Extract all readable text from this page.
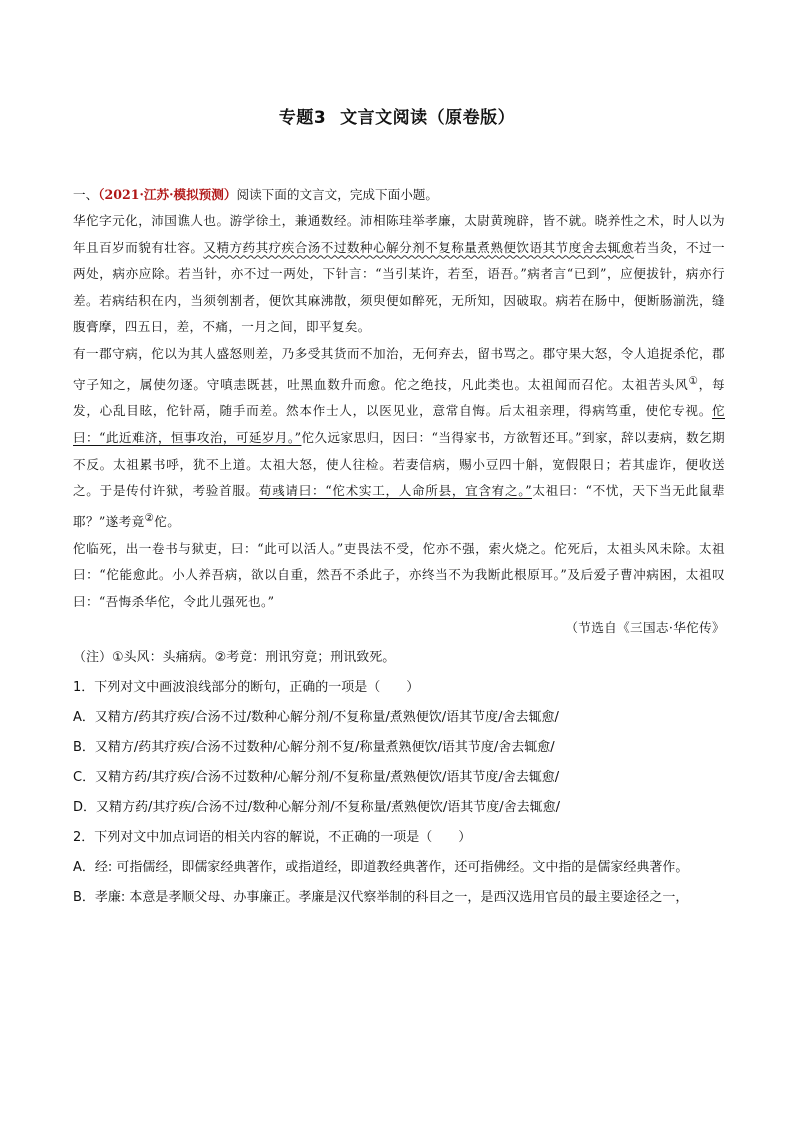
专题3 文言文阅读（原卷版）
一、（2021·江苏·模拟预测）阅读下面的文言文，完成下面小题。

华佗字元化，沛国谯人也。游学徐土，兼通数经。沛相陈珪举孝廉，太尉黄琬辟，皆不就。晓养性之术，时人以为年且百岁而貌有壮容。又精方药其疗疾合汤不过数种心解分剂不复称量煮熟便饮语其节度舍去辄愈若当灸，不过一两处，病亦应除。若当针，亦不过一两处，下针言：“当引某许，若至，语吾。”病者言“已到”，应便拔针，病亦行差。若病结积在内，当须刳割者，便饮其麻沸散，须臾便如醉死，无所知，因破取。病若在肠中，便断肠湔洗，缝腹膏摩，四五日，差，不痛，一月之间，即平复矣。

有一郡守病，佗以为其人盛怒则差，乃多受其货而不加治，无何弃去，留书骂之。郡守果大怒，令人追捉杀佗，郡守子知之，属使勿逐。守嗔恚既甚，吐黑血数升而愈。佗之绝技，凡此类也。太祖闻而召佗。太祖苦头风①，每发，心乱目眩，佗针鬲，随手而差。然本作士人，以医见业，意常自悔。后太祖亲理，得病笃重，使佗专视。佗曰：“此近难济，恒事攻治，可延岁月。”佗久远家思归，因曰：“当得家书，方欲暂还耳。”到家，辞以妻病，数乞期不反。太祖累书呼，犹不上道。太祖大怒，使人往检。若妻信病，赐小豆四十斛，宽假限日；若其虚诈，便收送之。于是传付许狱，考验首服。荀彧请曰：“佗术实工，人命所县，宜含宥之。”太祖曰：“不忧，天下当无此鼠辈耶？”遂考竟②佗。

佗临死，出一卷书与狱吏，曰：“此可以活人。”吏畏法不受，佗亦不强，索火烧之。佗死后，太祖头风未除。太祖曰：“佗能愈此。小人养吾病，欲以自重，然吾不杀此子，亦终当不为我断此根原耳。”及后爱子曹冲病困，太祖叹曰：“吾悔杀华佗，令此儿强死也。”

（节选自《三国志·华佗传》

（注）①头风：头痛病。②考竟：刑讯穷竟；刑讯致死。

1．下列对文中画波浪线部分的断句，正确的一项是（　　）

A．又精方/药其疗疾/合汤不过/数种心解分剂/不复称量/煮熟便饮/语其节度/舍去辄愈/

B．又精方/药其疗疾/合汤不过数种/心解分剂不复/称量煮熟便饮/语其节度/舍去辄愈/

C．又精方药/其疗疾/合汤不过数种/心解分剂/不复称量/煮熟便饮/语其节度/舍去辄愈/

D．又精方药/其疗疾/合汤不过/数种心解分剂/不复称量/煮熟便饮/语其节度/舍去辄愈/

2．下列对文中加点词语的相关内容的解说，不正确的一项是（　　）

A．经: 可指儒经，即儒家经典著作，或指道经，即道教经典著作，还可指佛经。文中指的是儒家经典著作。

B．孝廉: 本意是孝顺父母、办事廉正。孝廉是汉代察举制的科目之一，是西汉选用官员的最主要途径之一，
